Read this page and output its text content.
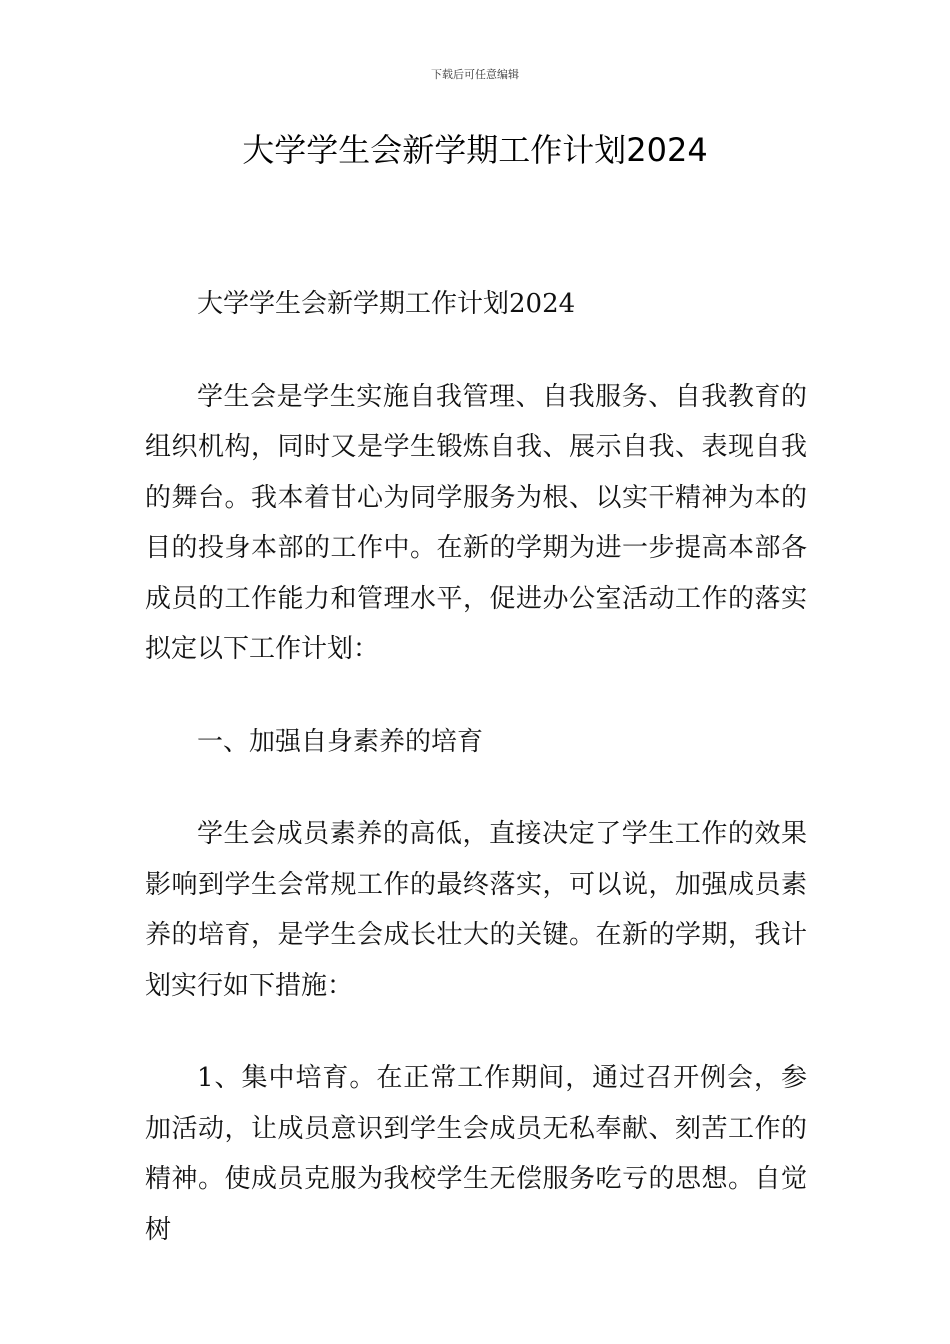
下载后可任意编辑
大学学生会新学期工作计划2024

大学学生会新学期工作计划2024

学生会是学生实施自我管理、自我服务、自我教育的组织机构，同时又是学生锻炼自我、展示自我、表现自我的舞台。我本着甘心为同学服务为根、以实干精神为本的目的投身本部的工作中。在新的学期为进一步提高本部各成员的工作能力和管理水平，促进办公室活动工作的落实拟定以下工作计划：

一、加强自身素养的培育

学生会成员素养的高低，直接决定了学生工作的效果影响到学生会常规工作的最终落实，可以说，加强成员素养的培育，是学生会成长壮大的关键。在新的学期，我计划实行如下措施：

1、集中培育。在正常工作期间，通过召开例会，参加活动，让成员意识到学生会成员无私奉献、刻苦工作的精神。使成员克服为我校学生无偿服务吃亏的思想。自觉树
